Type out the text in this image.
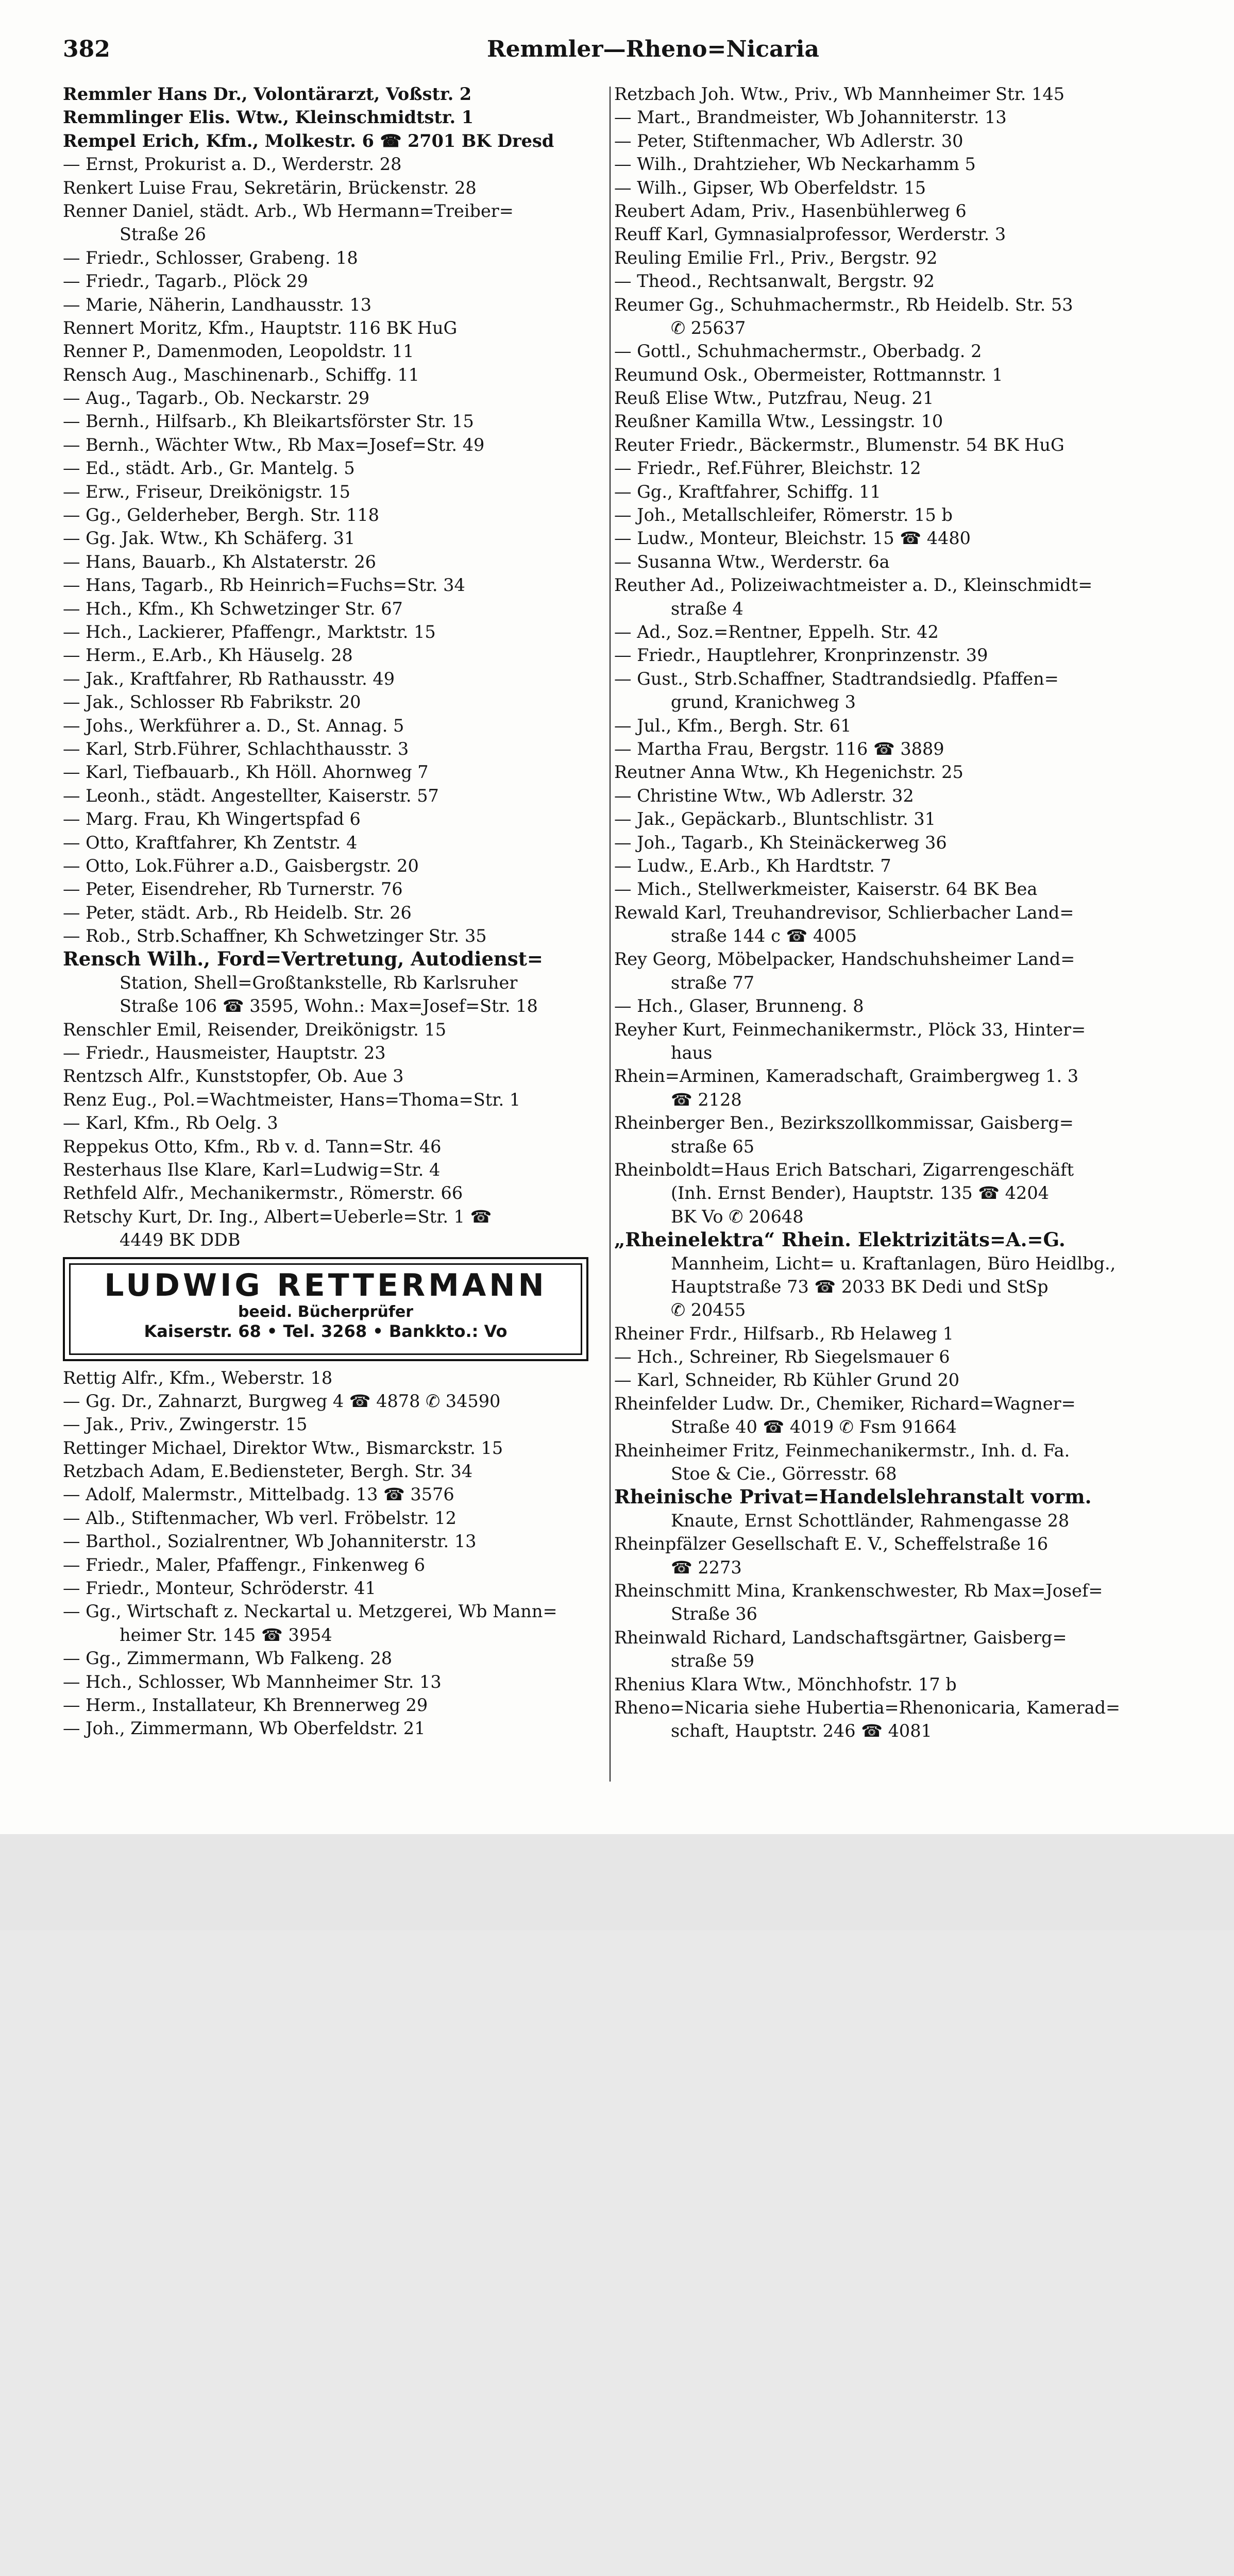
382	Remmler—Rheno=Nicaria
Remmler Hans Dr., Volontärarzt, Voßstr. 2
Remmlinger Elis. Wtw., Kleinschmidtstr. 1
Rempel Erich, Kfm., Molkestr. 6 ☎ 2701 BK Dresd
— Ernst, Prokurist a. D., Werderstr. 28
Renkert Luise Frau, Sekretärin, Brückenstr. 28
Renner Daniel, städt. Arb., Wb Hermann=Treiber=
Straße 26
— Friedr., Schlosser, Grabeng. 18
— Friedr., Tagarb., Plöck 29
— Marie, Näherin, Landhausstr. 13
Rennert Moritz, Kfm., Hauptstr. 116 BK HuG
Renner P., Damenmoden, Leopoldstr. 11
Rensch Aug., Maschinenarb., Schiffg. 11
— Aug., Tagarb., Ob. Neckarstr. 29
— Bernh., Hilfsarb., Kh Bleikartsförster Str. 15
— Bernh., Wächter Wtw., Rb Max=Josef=Str. 49
— Ed., städt. Arb., Gr. Mantelg. 5
— Erw., Friseur, Dreikönigstr. 15
— Gg., Gelderheber, Bergh. Str. 118
— Gg. Jak. Wtw., Kh Schäferg. 31
— Hans, Bauarb., Kh Alstaterstr. 26
— Hans, Tagarb., Rb Heinrich=Fuchs=Str. 34
— Hch., Kfm., Kh Schwetzinger Str. 67
— Hch., Lackierer, Pfaffengr., Marktstr. 15
— Herm., E.Arb., Kh Häuselg. 28
— Jak., Kraftfahrer, Rb Rathausstr. 49
— Jak., Schlosser Rb Fabrikstr. 20
— Johs., Werkführer a. D., St. Annag. 5
— Karl, Strb.Führer, Schlachthausstr. 3
— Karl, Tiefbauarb., Kh Höll. Ahornweg 7
— Leonh., städt. Angestellter, Kaiserstr. 57
— Marg. Frau, Kh Wingertspfad 6
— Otto, Kraftfahrer, Kh Zentstr. 4
— Otto, Lok.Führer a.D., Gaisbergstr. 20
— Peter, Eisendreher, Rb Turnerstr. 76
— Peter, städt. Arb., Rb Heidelb. Str. 26
— Rob., Strb.Schaffner, Kh Schwetzinger Str. 35
Rensch Wilh., Ford=Vertretung, Autodienst=
Station, Shell=Großtankstelle, Rb Karlsruher
Straße 106 ☎ 3595, Wohn.: Max=Josef=Str. 18
Renschler Emil, Reisender, Dreikönigstr. 15
— Friedr., Hausmeister, Hauptstr. 23
Rentzsch Alfr., Kunststopfer, Ob. Aue 3
Renz Eug., Pol.=Wachtmeister, Hans=Thoma=Str. 1
— Karl, Kfm., Rb Oelg. 3
Reppekus Otto, Kfm., Rb v. d. Tann=Str. 46
Resterhaus Ilse Klare, Karl=Ludwig=Str. 4
Rethfeld Alfr., Mechanikermstr., Römerstr. 66
Retschy Kurt, Dr. Ing., Albert=Ueberle=Str. 1 ☎
4449 BK DDB
LUDWIG RETTERMANN
beeid. Bücherprüfer
Kaiserstr. 68 • Tel. 3268 • Bankkto.: Vo
Rettig Alfr., Kfm., Weberstr. 18
— Gg. Dr., Zahnarzt, Burgweg 4 ☎ 4878 ✆ 34590
— Jak., Priv., Zwingerstr. 15
Rettinger Michael, Direktor Wtw., Bismarckstr. 15
Retzbach Adam, E.Bediensteter, Bergh. Str. 34
— Adolf, Malermstr., Mittelbadg. 13 ☎ 3576
— Alb., Stiftenmacher, Wb verl. Fröbelstr. 12
— Barthol., Sozialrentner, Wb Johanniterstr. 13
— Friedr., Maler, Pfaffengr., Finkenweg 6
— Friedr., Monteur, Schröderstr. 41
— Gg., Wirtschaft z. Neckartal u. Metzgerei, Wb Mann=
heimer Str. 145 ☎ 3954
— Gg., Zimmermann, Wb Falkeng. 28
— Hch., Schlosser, Wb Mannheimer Str. 13
— Herm., Installateur, Kh Brennerweg 29
— Joh., Zimmermann, Wb Oberfeldstr. 21
Retzbach Joh. Wtw., Priv., Wb Mannheimer Str. 145
— Mart., Brandmeister, Wb Johanniterstr. 13
— Peter, Stiftenmacher, Wb Adlerstr. 30
— Wilh., Drahtzieher, Wb Neckarhamm 5
— Wilh., Gipser, Wb Oberfeldstr. 15
Reubert Adam, Priv., Hasenbühlerweg 6
Reuff Karl, Gymnasialprofessor, Werderstr. 3
Reuling Emilie Frl., Priv., Bergstr. 92
— Theod., Rechtsanwalt, Bergstr. 92
Reumer Gg., Schuhmachermstr., Rb Heidelb. Str. 53
✆ 25637
— Gottl., Schuhmachermstr., Oberbadg. 2
Reumund Osk., Obermeister, Rottmannstr. 1
Reuß Elise Wtw., Putzfrau, Neug. 21
Reußner Kamilla Wtw., Lessingstr. 10
Reuter Friedr., Bäckermstr., Blumenstr. 54 BK HuG
— Friedr., Ref.Führer, Bleichstr. 12
— Gg., Kraftfahrer, Schiffg. 11
— Joh., Metallschleifer, Römerstr. 15 b
— Ludw., Monteur, Bleichstr. 15 ☎ 4480
— Susanna Wtw., Werderstr. 6a
Reuther Ad., Polizeiwachtmeister a. D., Kleinschmidt=
straße 4
— Ad., Soz.=Rentner, Eppelh. Str. 42
— Friedr., Hauptlehrer, Kronprinzenstr. 39
— Gust., Strb.Schaffner, Stadtrandsiedlg. Pfaffen=
grund, Kranichweg 3
— Jul., Kfm., Bergh. Str. 61
— Martha Frau, Bergstr. 116 ☎ 3889
Reutner Anna Wtw., Kh Hegenichstr. 25
— Christine Wtw., Wb Adlerstr. 32
— Jak., Gepäckarb., Bluntschlistr. 31
— Joh., Tagarb., Kh Steinäckerweg 36
— Ludw., E.Arb., Kh Hardtstr. 7
— Mich., Stellwerkmeister, Kaiserstr. 64 BK Bea
Rewald Karl, Treuhandrevisor, Schlierbacher Land=
straße 144 c ☎ 4005
Rey Georg, Möbelpacker, Handschuhsheimer Land=
straße 77
— Hch., Glaser, Brunneng. 8
Reyher Kurt, Feinmechanikermstr., Plöck 33, Hinter=
haus
Rhein=Arminen, Kameradschaft, Graimbergweg 1. 3
☎ 2128
Rheinberger Ben., Bezirkszollkommissar, Gaisberg=
straße 65
Rheinboldt=Haus Erich Batschari, Zigarrengeschäft
(Inh. Ernst Bender), Hauptstr. 135 ☎ 4204
BK Vo ✆ 20648
„Rheinelektra“ Rhein. Elektrizitäts=A.=G.
Mannheim, Licht= u. Kraftanlagen, Büro Heidlbg.,
Hauptstraße 73 ☎ 2033 BK Dedi und StSp
✆ 20455
Rheiner Frdr., Hilfsarb., Rb Helaweg 1
— Hch., Schreiner, Rb Siegelsmauer 6
— Karl, Schneider, Rb Kühler Grund 20
Rheinfelder Ludw. Dr., Chemiker, Richard=Wagner=
Straße 40 ☎ 4019 ✆ Fsm 91664
Rheinheimer Fritz, Feinmechanikermstr., Inh. d. Fa.
Stoe & Cie., Görresstr. 68
Rheinische Privat=Handelslehranstalt vorm.
Knaute, Ernst Schottländer, Rahmengasse 28
Rheinpfälzer Gesellschaft E. V., Scheffelstraße 16
☎ 2273
Rheinschmitt Mina, Krankenschwester, Rb Max=Josef=
Straße 36
Rheinwald Richard, Landschaftsgärtner, Gaisberg=
straße 59
Rhenius Klara Wtw., Mönchhofstr. 17 b
Rheno=Nicaria siehe Hubertia=Rhenonicaria, Kamerad=
schaft, Hauptstr. 246 ☎ 4081
